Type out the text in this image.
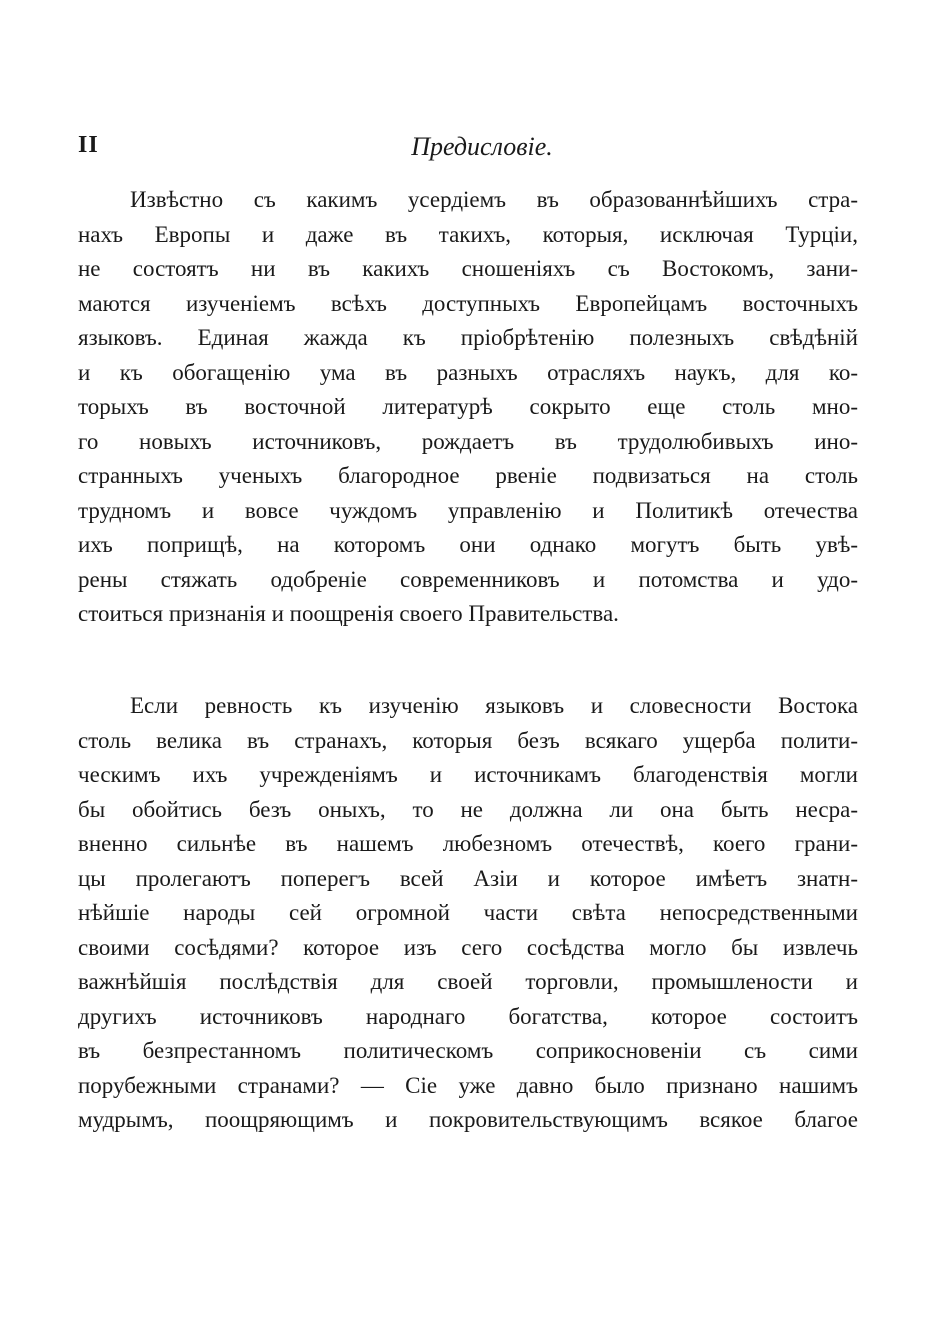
II	Предисловіе.
Извѣстно съ какимъ усердіемъ въ образованнѣйшихъ стра-
нахъ Европы и даже въ такихъ, которыя, исключая Турціи,
не состоятъ ни въ какихъ сношеніяхъ съ Востокомъ, зани-
маются изученіемъ всѣхъ доступныхъ Европейцамъ восточныхъ
языковъ. Единая жажда къ пріобрѣтенію полезныхъ свѣдѣній
и къ обогащенію ума въ разныхъ отрасляхъ наукъ, для ко-
торыхъ въ восточной литературѣ сокрыто еще столь мно-
го новыхъ источниковъ, рождаетъ въ трудолюбивыхъ ино-
странныхъ ученыхъ благородное рвеніе подвизаться на столь
трудномъ и вовсе чуждомъ управленію и Политикѣ отечества
ихъ поприщѣ, на которомъ они однако могутъ быть увѣ-
рены стяжать одобреніе современниковъ и потомства и удо-
стоиться признанія и поощренія своего Правительства.
Если ревность къ изученію языковъ и словесности Востока
столь велика въ странахъ, которыя безъ всякаго ущерба полити-
ческимъ ихъ учрежденіямъ и источникамъ благоденствія могли
бы обойтись безъ оныхъ, то не должна ли она быть несра-
вненно сильнѣе въ нашемъ любезномъ отечествѣ, коего грани-
цы пролегаютъ поперегъ всей Азіи и которое имѣетъ знатн-
нѣйшіе народы сей огромной части свѣта непосредственными
своими сосѣдями? которое изъ сего сосѣдства могло бы извлечь
важнѣйшія послѣдствія для своей торговли, промышлености и
другихъ источниковъ народнаго богатства, которое состоитъ
въ безпрестанномъ политическомъ соприкосновеніи съ сими
порубежными странами? — Сіе уже давно было признано нашимъ
мудрымъ, поощряющимъ и покровительствующимъ всякое благое
